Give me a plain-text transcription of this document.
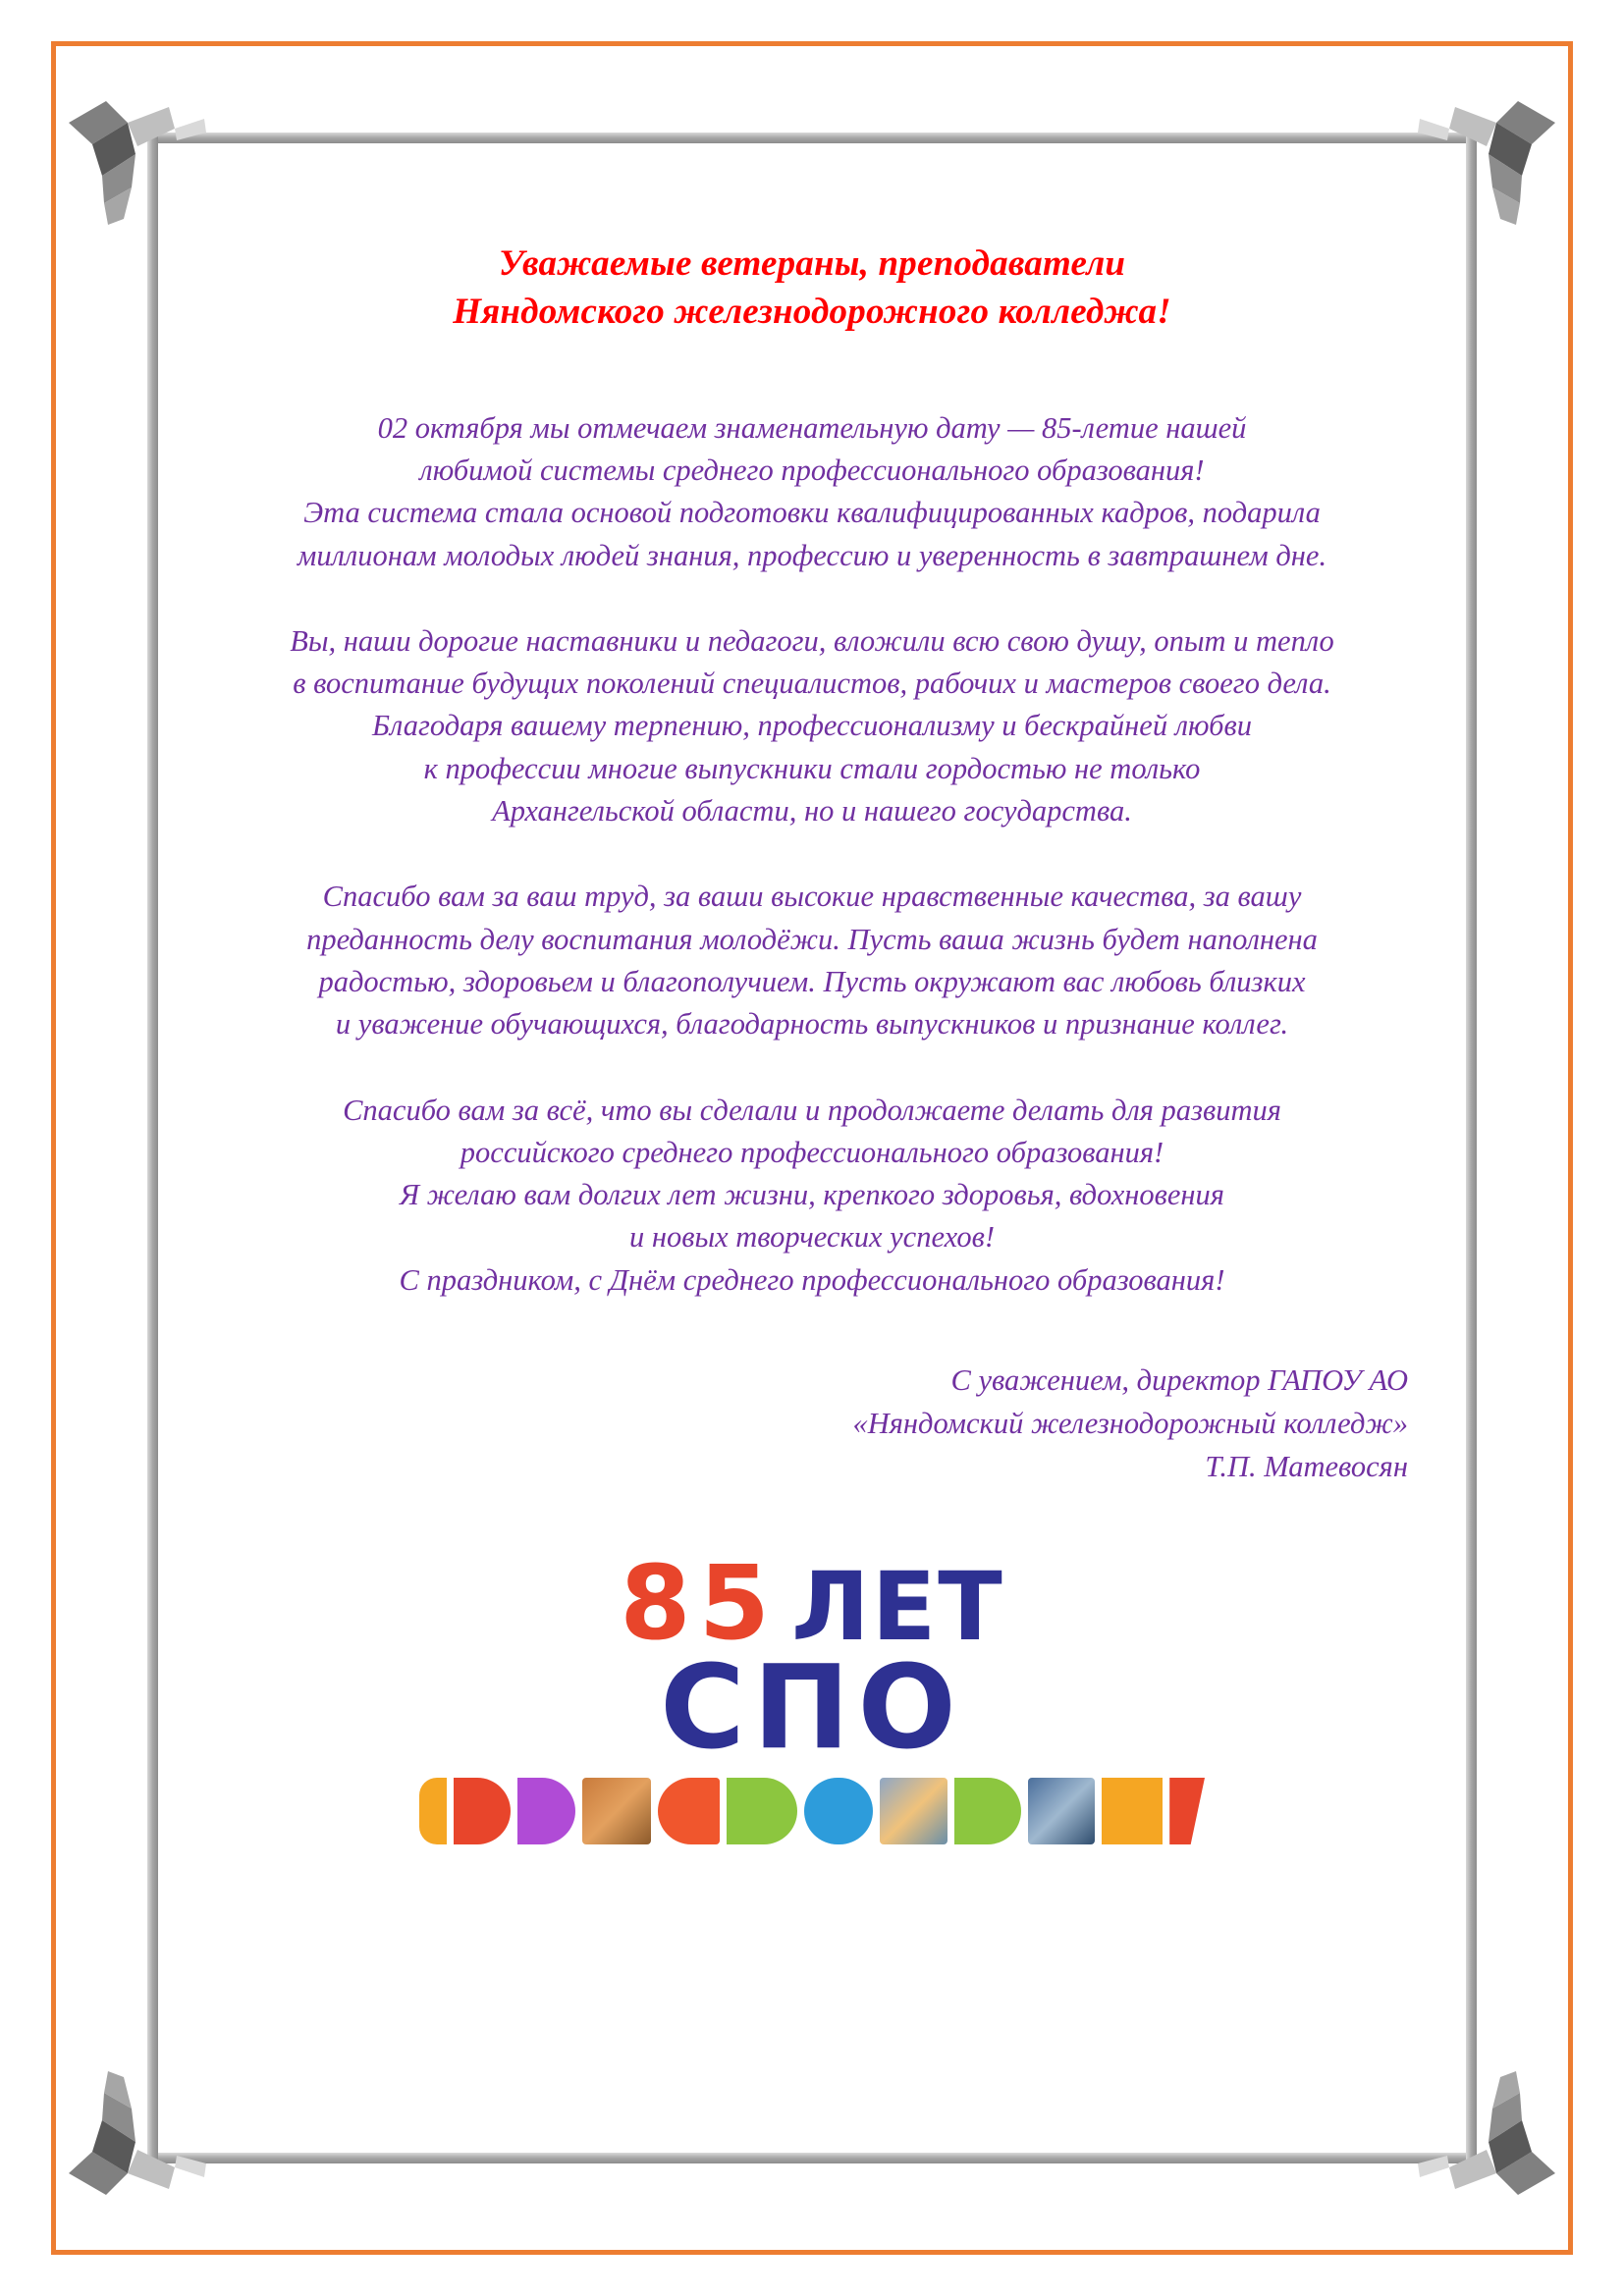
Уважаемые ветераны, преподаватели
Няндомского железнодорожного колледжа!
02 октября мы отмечаем знаменательную дату — 85-летие нашей
любимой системы среднего профессионального образования!
Эта система стала основой подготовки квалифицированных кадров, подарила
миллионам молодых людей знания, профессию и уверенность в завтрашнем дне.
Вы, наши дорогие наставники и педагоги, вложили всю свою душу, опыт и тепло
в воспитание будущих поколений специалистов, рабочих и мастеров своего дела.
Благодаря вашему терпению, профессионализму и бескрайней любви
к профессии многие выпускники стали гордостью не только
Архангельской области, но и нашего государства.
Спасибо вам за ваш труд, за ваши высокие нравственные качества, за вашу
преданность делу воспитания молодёжи. Пусть ваша жизнь будет наполнена
радостью, здоровьем и благополучием. Пусть окружают вас любовь близких
и уважение обучающихся, благодарность выпускников и признание коллег.
Спасибо вам за всё, что вы сделали и продолжаете делать для развития
российского среднего профессионального образования!
Я желаю вам долгих лет жизни, крепкого здоровья, вдохновения
и новых творческих успехов!
С праздником, с Днём среднего профессионального образования!
С уважением, директор ГАПОУ АО
«Няндомский железнодорожный колледж»
Т.П. Матевосян
8 5 ЛЕТ
СПО
